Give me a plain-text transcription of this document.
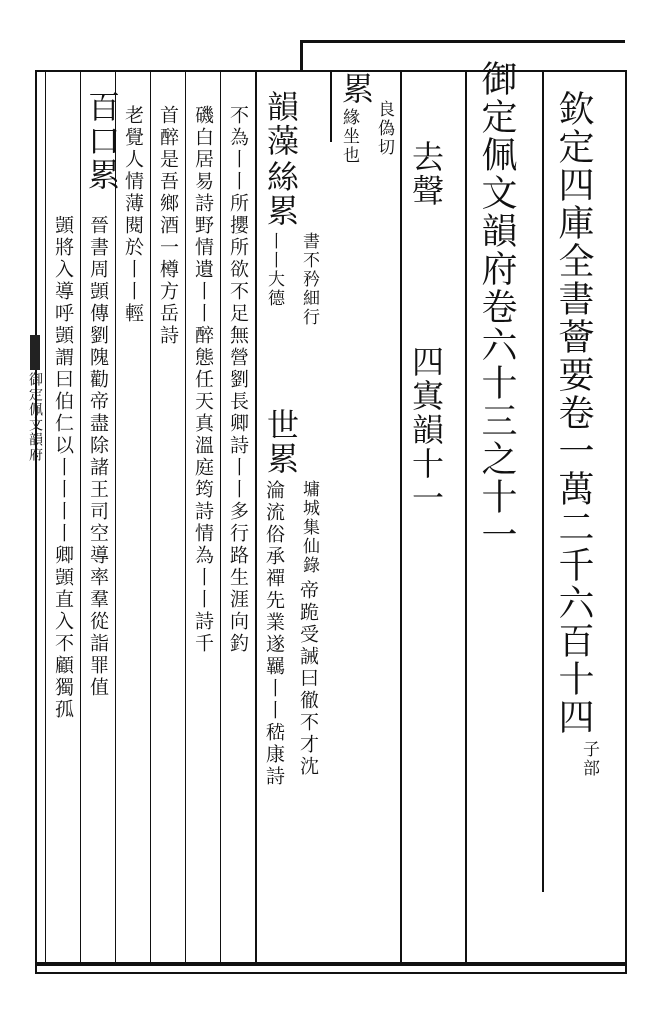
欽定四庫全書薈要卷一萬二千六百十四
子部
御定佩文韻府卷六十三之十一
去聲
四寘韻十一
累
良偽切
緣坐也
韻藻
絲累
書不矜細行
丨丨大德
世累
墉城集仙錄
帝跪受誡曰徹不才沈
淪流俗承禪先業遂羈丨丨嵇康詩
不為丨丨所攖所欲不足無營劉長卿詩丨丨多行路生涯向釣
磯白居易詩野情遺丨丨醉態任天真溫庭筠詩情為丨丨詩千
首醉是吾鄉酒一樽方岳詩
老覺人情薄閱於丨丨輕
百口累
晉書周顗傳劉隗勸帝盡除諸王司空導率羣從詣罪值
顗將入導呼顗謂曰伯仁以丨丨丨丨卿顗直入不顧獨孤
御定佩文韻府
